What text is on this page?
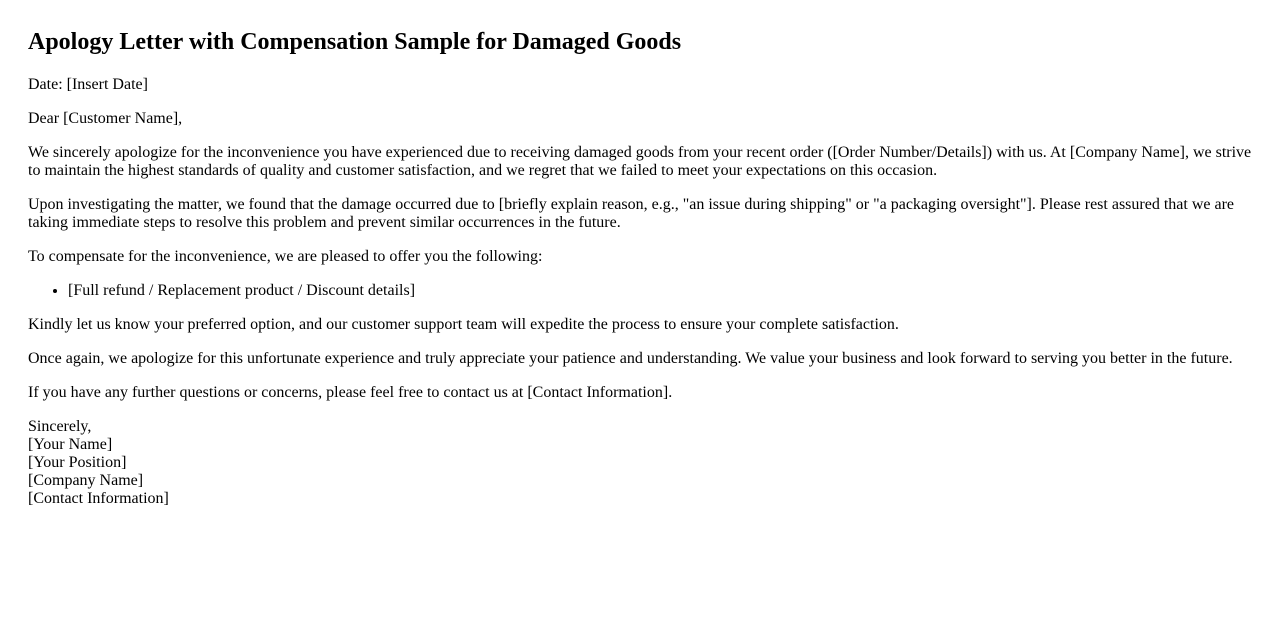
Apology Letter with Compensation Sample for Damaged Goods

Date: [Insert Date]

Dear [Customer Name],

We sincerely apologize for the inconvenience you have experienced due to receiving damaged goods from your recent order ([Order Number/Details]) with us. At [Company Name], we strive to maintain the highest standards of quality and customer satisfaction, and we regret that we failed to meet your expectations on this occasion.

Upon investigating the matter, we found that the damage occurred due to [briefly explain reason, e.g., "an issue during shipping" or "a packaging oversight"]. Please rest assured that we are taking immediate steps to resolve this problem and prevent similar occurrences in the future.

To compensate for the inconvenience, we are pleased to offer you the following:

• [Full refund / Replacement product / Discount details]

Kindly let us know your preferred option, and our customer support team will expedite the process to ensure your complete satisfaction.

Once again, we apologize for this unfortunate experience and truly appreciate your patience and understanding. We value your business and look forward to serving you better in the future.

If you have any further questions or concerns, please feel free to contact us at [Contact Information].

Sincerely,
[Your Name]
[Your Position]
[Company Name]
[Contact Information]
